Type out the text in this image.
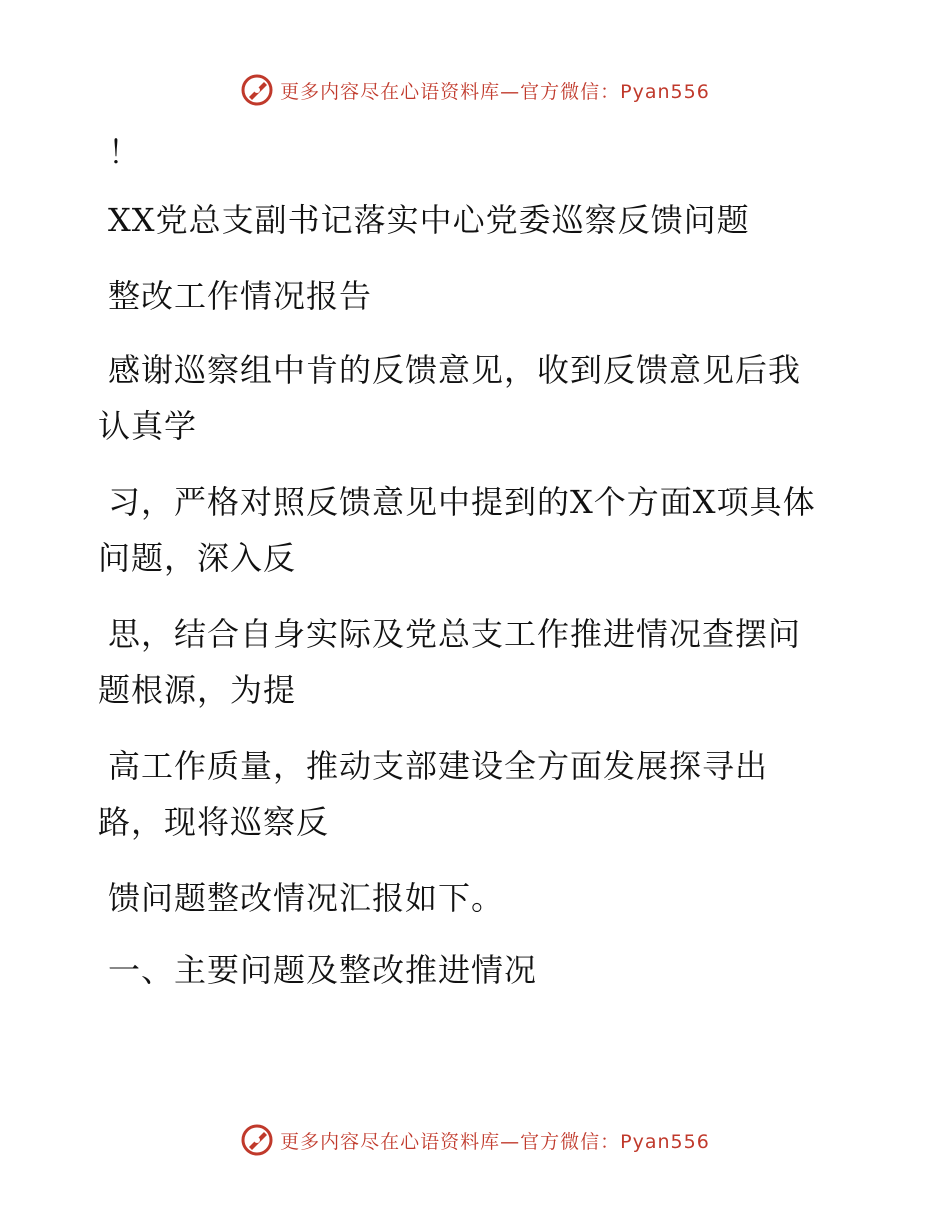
更多内容尽在心语资料库—官方微信：Pyan556
！
XX党总支副书记落实中心党委巡察反馈问题
整改工作情况报告
感谢巡察组中肯的反馈意见，收到反馈意见后我
认真学
习，严格对照反馈意见中提到的X个方面X项具体
问题，深入反
思，结合自身实际及党总支工作推进情况查摆问
题根源，为提
高工作质量，推动支部建设全方面发展探寻出
路，现将巡察反
馈问题整改情况汇报如下。
一、主要问题及整改推进情况
更多内容尽在心语资料库—官方微信：Pyan556
